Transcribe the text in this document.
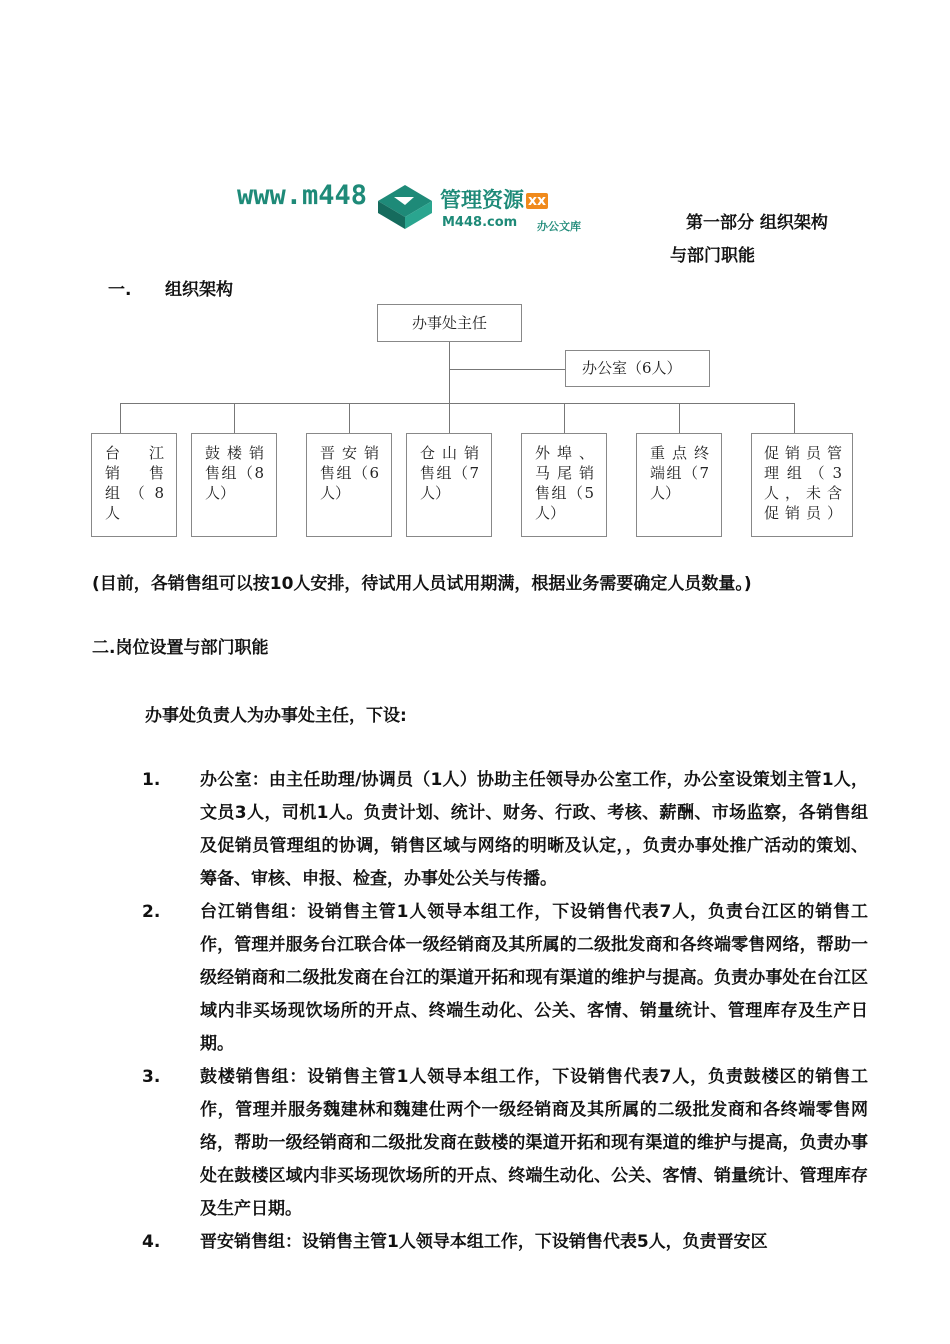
www.m448	管理资源 xx
M448.com 办公文库	第一部分 组织架构
与部门职能
一. 组织架构
办事处主任
办公室（6人）
台 江
销 售
组（8
人
鼓楼销
售组（8
人）
晋安销
售组（6
人）
仓山销
售组（7
人）
外埠、
马尾销
售组（5
人）
重点终
端组（7
人）
促销员管
理组（3
人，未含
促销员）
(目前，各销售组可以按10人安排，待试用人员试用期满，根据业务需要确定人员数量。)
二.岗位设置与部门职能
办事处负责人为办事处主任，下设:
1. 办公室：由主任助理/协调员（1人）协助主任领导办公室工作，办公室设策划主管1人，文员3人，司机1人。负责计划、统计、财务、行政、考核、薪酬、市场监察，各销售组及促销员管理组的协调，销售区域与网络的明晰及认定，，负责办事处推广活动的策划、筹备、审核、申报、检查，办事处公关与传播。
2. 台江销售组：设销售主管1人领导本组工作，下设销售代表7人，负责台江区的销售工作，管理并服务台江联合体一级经销商及其所属的二级批发商和各终端零售网络，帮助一级经销商和二级批发商在台江的渠道开拓和现有渠道的维护与提高。负责办事处在台江区域内非买场现饮场所的开点、终端生动化、公关、客情、销量统计、管理库存及生产日期。
3. 鼓楼销售组：设销售主管1人领导本组工作，下设销售代表7人，负责鼓楼区的销售工作，管理并服务魏建林和魏建仕两个一级经销商及其所属的二级批发商和各终端零售网络，帮助一级经销商和二级批发商在鼓楼的渠道开拓和现有渠道的维护与提高，负责办事处在鼓楼区域内非买场现饮场所的开点、终端生动化、公关、客情、销量统计、管理库存及生产日期。
4. 晋安销售组：设销售主管1人领导本组工作，下设销售代表5人，负责晋安区
